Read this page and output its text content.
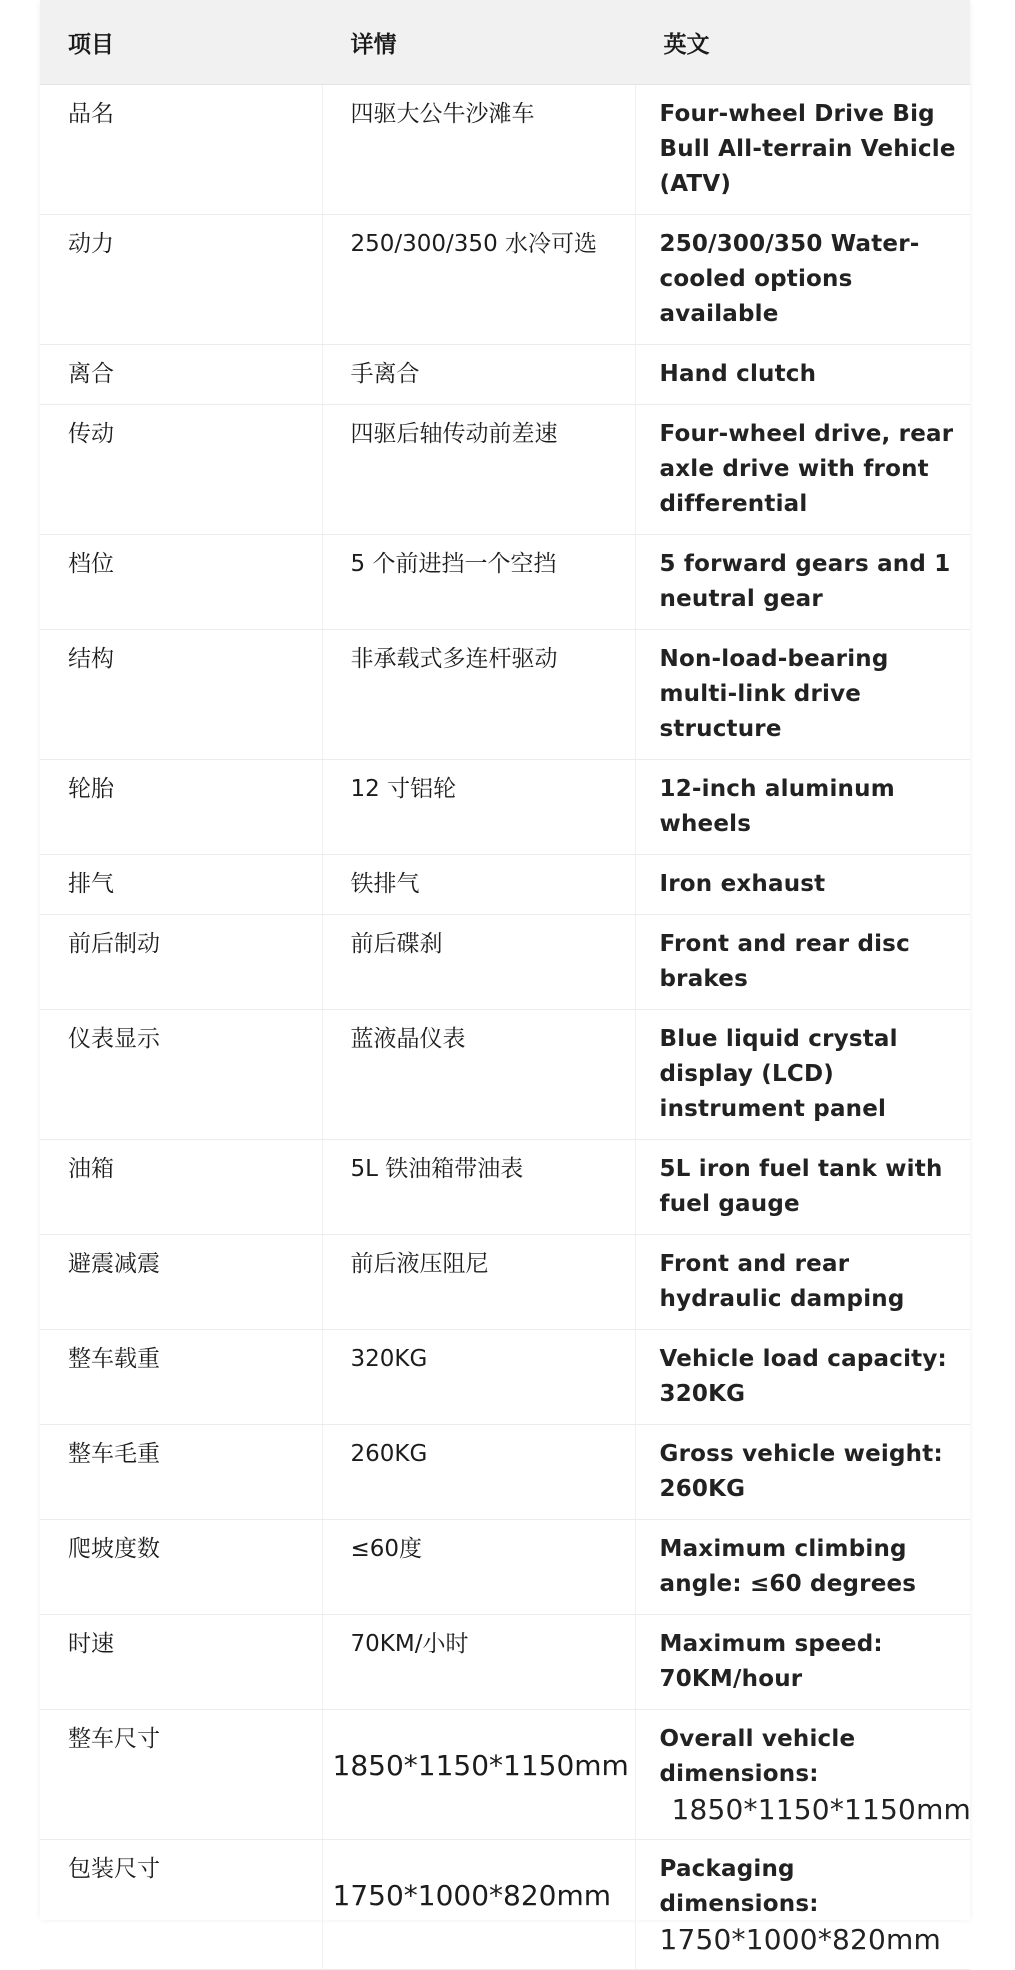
项目	详情	英文
品名	四驱大公牛沙滩车	Four-wheel Drive Big Bull All-terrain Vehicle (ATV)
动力	250/300/350 水冷可选	250/300/350 Water-cooled options available
离合	手离合	Hand clutch
传动	四驱后轴传动前差速	Four-wheel drive, rear axle drive with front differential
档位	5 个前进挡一个空挡	5 forward gears and 1 neutral gear
结构	非承载式多连杆驱动	Non-load-bearing multi-link drive structure
轮胎	12 寸铝轮	12-inch aluminum wheels
排气	铁排气	Iron exhaust
前后制动	前后碟刹	Front and rear disc brakes
仪表显示	蓝液晶仪表	Blue liquid crystal display (LCD) instrument panel
油箱	5L 铁油箱带油表	5L iron fuel tank with fuel gauge
避震减震	前后液压阻尼	Front and rear hydraulic damping
整车载重	320KG	Vehicle load capacity: 320KG
整车毛重	260KG	Gross vehicle weight: 260KG
爬坡度数	≤60度	Maximum climbing angle: ≤60 degrees
时速	70KM/小时	Maximum speed: 70KM/hour
整车尺寸	1850*1150*1150mm	Overall vehicle dimensions:
1850*1150*1150mm

包装尺寸	1750*1000*820mm	Packaging dimensions:
1750*1000*820mm
